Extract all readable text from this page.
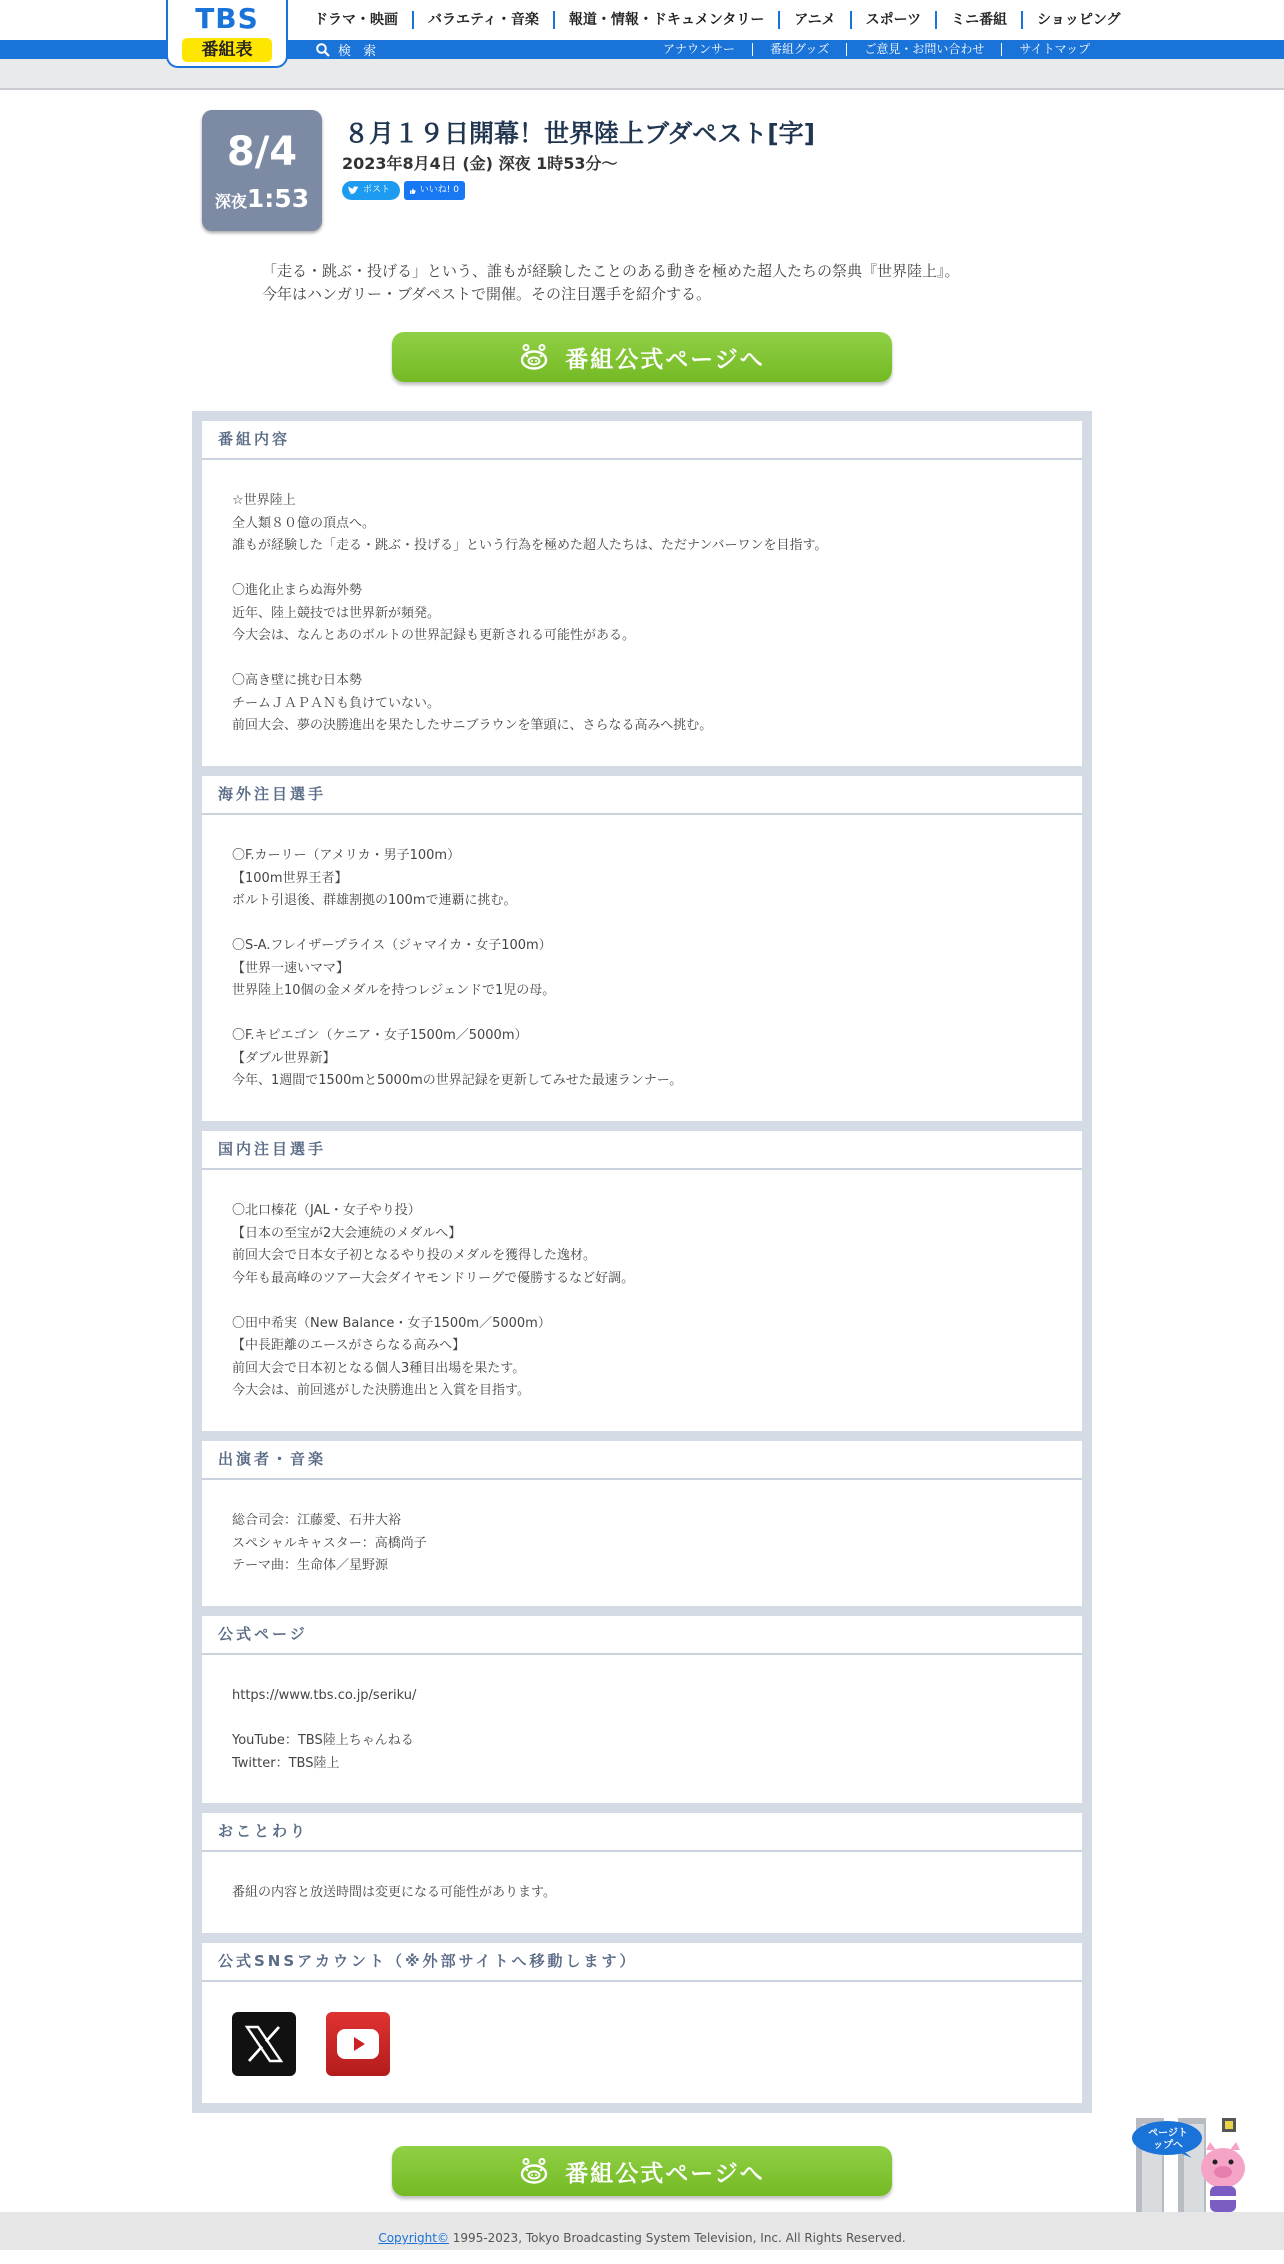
TBS
番組表
ドラマ・映画	バラエティ・音楽	報道・情報・ドキュメンタリー	アニメ	スポーツ	ミニ番組	ショッピング
検 索	アナウンサー	番組グッズ	ご意見・お問い合わせ	サイトマップ
8/4
深夜1:53
８月１９日開幕！世界陸上ブダペスト[字]
2023年8月4日 (金) 深夜 1時53分〜
ポスト	いいね! 0
「走る・跳ぶ・投げる」という、誰もが経験したことのある動きを極めた超人たちの祭典『世界陸上』。
今年はハンガリー・ブダペストで開催。その注目選手を紹介する。
番組公式ページへ
番組内容
☆世界陸上
全人類８０億の頂点へ。
誰もが経験した「走る・跳ぶ・投げる」という行為を極めた超人たちは、ただナンバーワンを目指す。
〇進化止まらぬ海外勢
近年、陸上競技では世界新が頻発。
今大会は、なんとあのボルトの世界記録も更新される可能性がある。
〇高き壁に挑む日本勢
チームＪＡＰＡＮも負けていない。
前回大会、夢の決勝進出を果たしたサニブラウンを筆頭に、さらなる高みへ挑む。
海外注目選手
〇F.カーリー（アメリカ・男子100m）
【100m世界王者】
ボルト引退後、群雄割拠の100mで連覇に挑む。
〇S-A.フレイザープライス（ジャマイカ・女子100m）
【世界一速いママ】
世界陸上10個の金メダルを持つレジェンドで1児の母。
〇F.キピエゴン（ケニア・女子1500m／5000m）
【ダブル世界新】
今年、1週間で1500mと5000mの世界記録を更新してみせた最速ランナー。
国内注目選手
〇北口榛花（JAL・女子やり投）
【日本の至宝が2大会連続のメダルへ】
前回大会で日本女子初となるやり投のメダルを獲得した逸材。
今年も最高峰のツアー大会ダイヤモンドリーグで優勝するなど好調。
〇田中希実（New Balance・女子1500m／5000m）
【中長距離のエースがさらなる高みへ】
前回大会で日本初となる個人3種目出場を果たす。
今大会は、前回逃がした決勝進出と入賞を目指す。
出演者・音楽
総合司会：江藤愛、石井大裕
スペシャルキャスター：高橋尚子
テーマ曲：生命体／星野源
公式ページ
https://www.tbs.co.jp/seriku/
YouTube：TBS陸上ちゃんねる
Twitter：TBS陸上
おことわり
番組の内容と放送時間は変更になる可能性があります。
公式SNSアカウント（※外部サイトへ移動します）
番組公式ページへ
ページトップへ
Copyright© 1995-2023, Tokyo Broadcasting System Television, Inc. All Rights Reserved.
